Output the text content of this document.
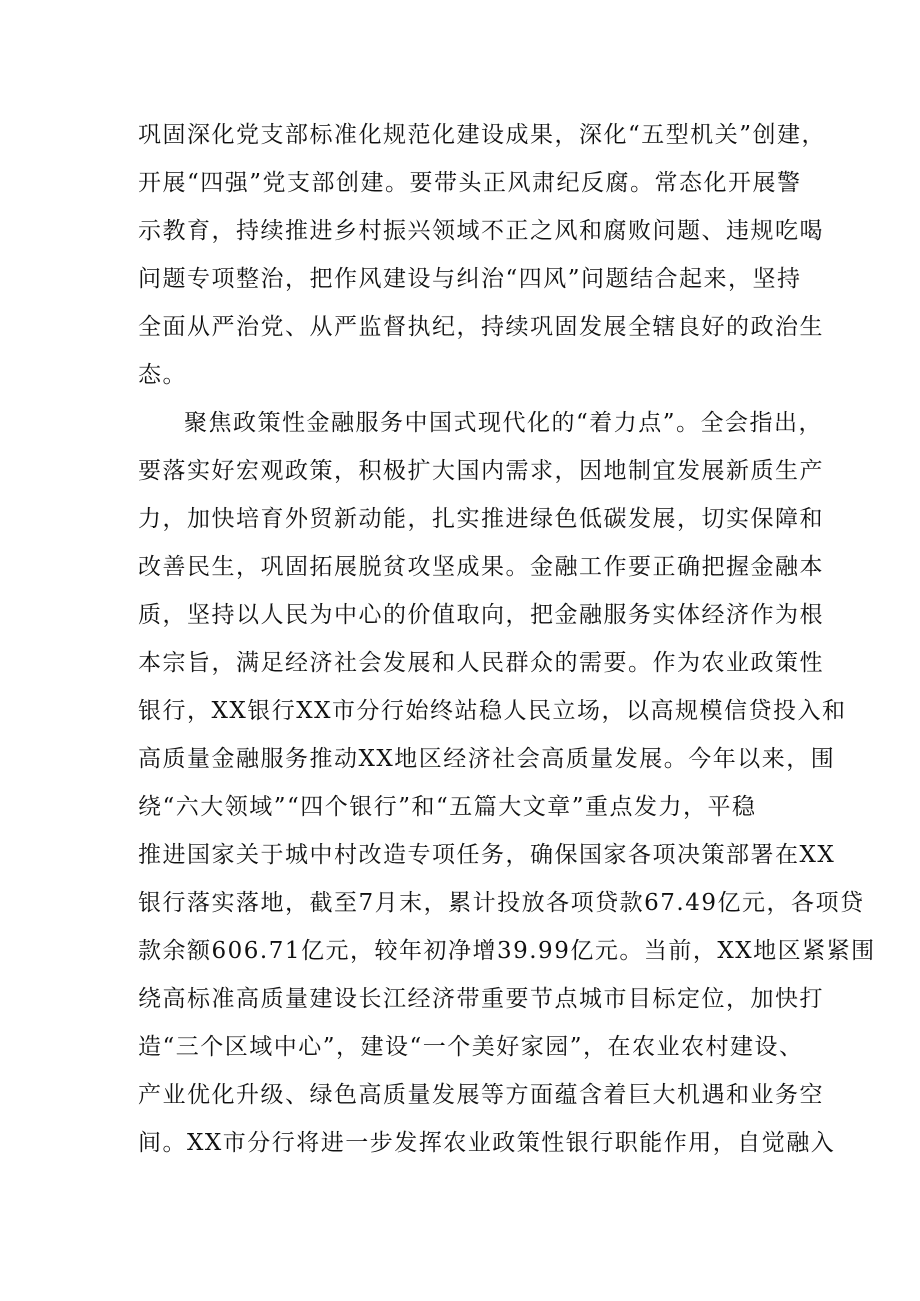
巩固深化党支部标准化规范化建设成果，深化“五型机关”创建，
开展“四强”党支部创建。要带头正风肃纪反腐。常态化开展警
示教育，持续推进乡村振兴领域不正之风和腐败问题、违规吃喝
问题专项整治，把作风建设与纠治“四风”问题结合起来，坚持
全面从严治党、从严监督执纪，持续巩固发展全辖良好的政治生
态。
聚焦政策性金融服务中国式现代化的“着力点”。全会指出，
要落实好宏观政策，积极扩大国内需求，因地制宜发展新质生产
力，加快培育外贸新动能，扎实推进绿色低碳发展，切实保障和
改善民生，巩固拓展脱贫攻坚成果。金融工作要正确把握金融本
质，坚持以人民为中心的价值取向，把金融服务实体经济作为根
本宗旨，满足经济社会发展和人民群众的需要。作为农业政策性
银行，XX银行XX市分行始终站稳人民立场，以高规模信贷投入和
高质量金融服务推动XX地区经济社会高质量发展。今年以来，围
绕“六大领域”“四个银行”和“五篇大文章”重点发力，平稳
推进国家关于城中村改造专项任务，确保国家各项决策部署在XX
银行落实落地，截至7月末，累计投放各项贷款67.49亿元，各项贷
款余额606.71亿元，较年初净增39.99亿元。当前，XX地区紧紧围
绕高标准高质量建设长江经济带重要节点城市目标定位，加快打
造“三个区域中心”，建设“一个美好家园”，在农业农村建设、
产业优化升级、绿色高质量发展等方面蕴含着巨大机遇和业务空
间。XX市分行将进一步发挥农业政策性银行职能作用，自觉融入
